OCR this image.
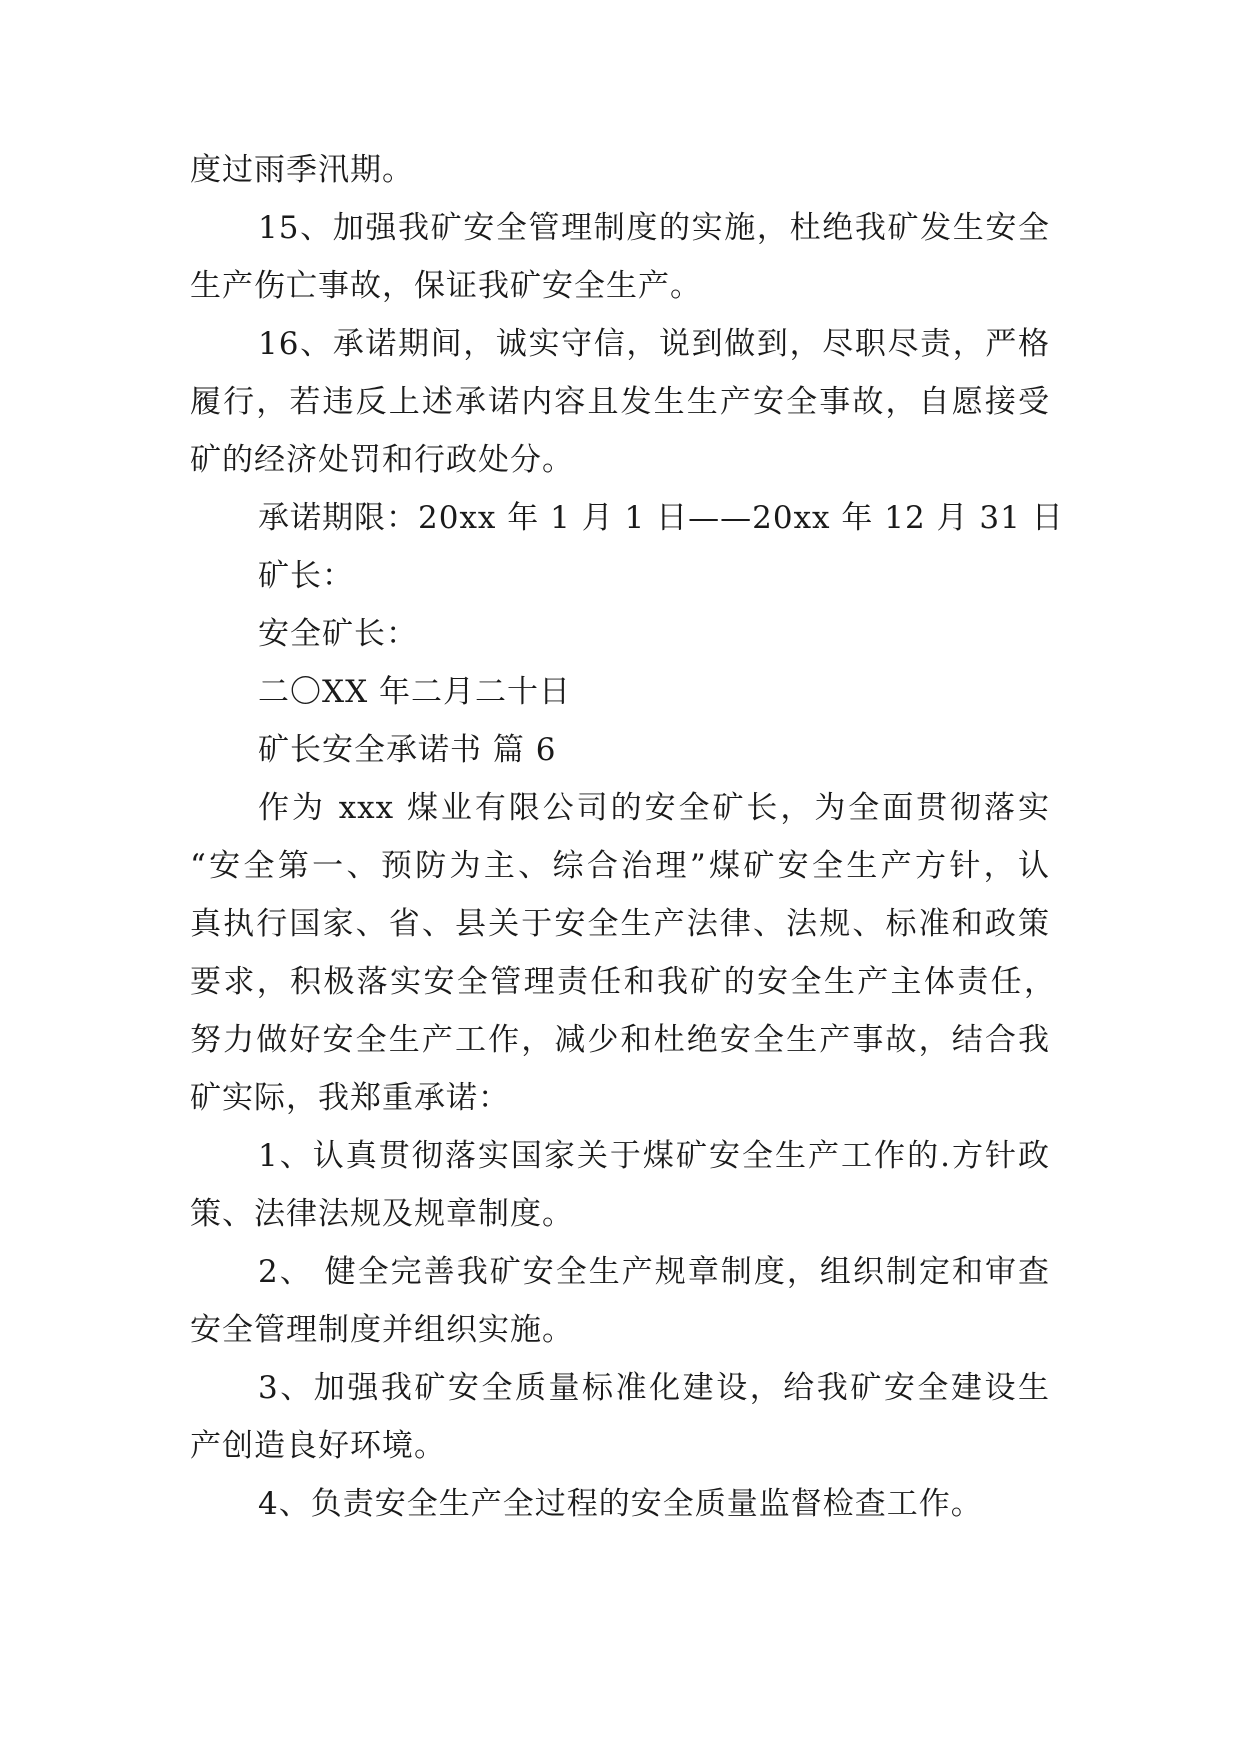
度过雨季汛期。
15、加强我矿安全管理制度的实施，杜绝我矿发生安全
生产伤亡事故，保证我矿安全生产。
16、承诺期间，诚实守信，说到做到，尽职尽责，严格
履行，若违反上述承诺内容且发生生产安全事故，自愿接受
矿的经济处罚和行政处分。
承诺期限：20xx 年 1 月 1 日——20xx 年 12 月 31 日
矿长：
安全矿长：
二〇XX 年二月二十日
矿长安全承诺书 篇 6
作为 xxx 煤业有限公司的安全矿长，为全面贯彻落实
“安全第一、预防为主、综合治理”煤矿安全生产方针，认
真执行国家、省、县关于安全生产法律、法规、标准和政策
要求，积极落实安全管理责任和我矿的安全生产主体责任，
努力做好安全生产工作，减少和杜绝安全生产事故，结合我
矿实际，我郑重承诺：
1、认真贯彻落实国家关于煤矿安全生产工作的.方针政
策、法律法规及规章制度。
2、 健全完善我矿安全生产规章制度，组织制定和审查
安全管理制度并组织实施。
3、加强我矿安全质量标准化建设，给我矿安全建设生
产创造良好环境。
4、负责安全生产全过程的安全质量监督检查工作。
